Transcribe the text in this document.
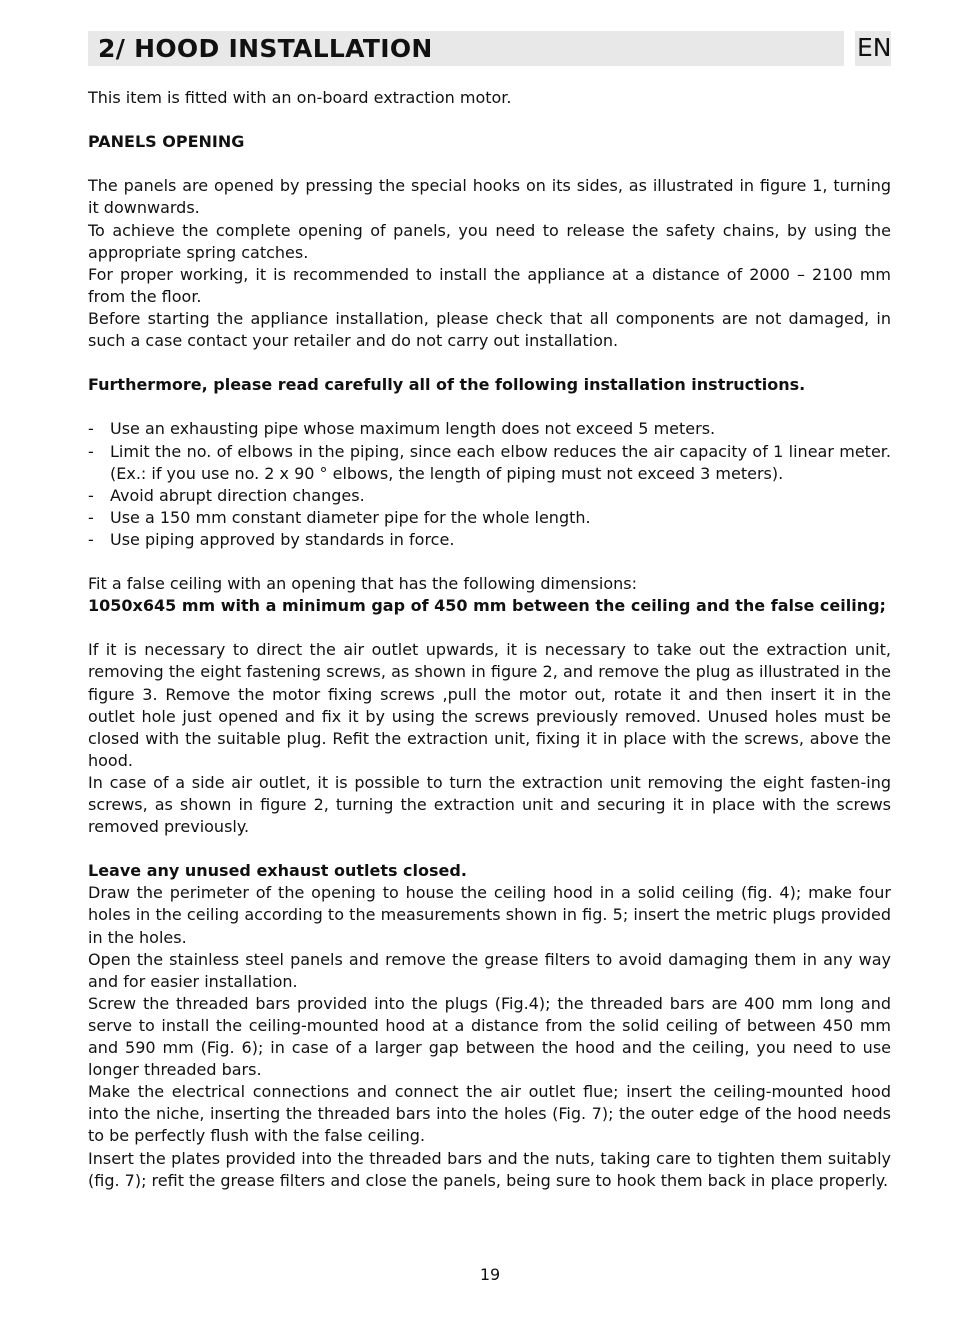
2/ HOOD INSTALLATION	EN

This item is fitted with an on-board extraction motor.

PANELS OPENING

The panels are opened by pressing the special hooks on its sides, as illustrated in figure 1, turning it downwards.

To achieve the complete opening of panels, you need to release the safety chains, by using the appropriate spring catches.

For proper working, it is recommended to install the appliance at a distance of 2000 – 2100 mm from the floor.

Before starting the appliance installation, please check that all components are not damaged, in such a case contact your retailer and do not carry out installation.

Furthermore, please read carefully all of the following installation instructions.

- Use an exhausting pipe whose maximum length does not exceed 5 meters.
- Limit the no. of elbows in the piping, since each elbow reduces the air capacity of 1 linear meter. (Ex.: if you use no. 2 x 90 ° elbows, the length of piping must not exceed 3 meters).
- Avoid abrupt direction changes.
- Use a 150 mm constant diameter pipe for the whole length.
- Use piping approved by standards in force.

Fit a false ceiling with an opening that has the following dimensions:

1050x645 mm with a minimum gap of 450 mm between the ceiling and the false ceiling;

If it is necessary to direct the air outlet upwards, it is necessary to take out the extraction unit, removing the eight fastening screws, as shown in figure 2, and remove the plug as illustrated in the figure 3. Remove the motor fixing screws ,pull the motor out, rotate it and then insert it in the outlet hole just opened and fix it by using the screws previously removed. Unused holes must be closed with the suitable plug. Refit the extraction unit, fixing it in place with the screws, above the hood.

In case of a side air outlet, it is possible to turn the extraction unit removing the eight fasten-ing screws, as shown in figure 2, turning the extraction unit and securing it in place with the screws removed previously.

Leave any unused exhaust outlets closed.

Draw the perimeter of the opening to house the ceiling hood in a solid ceiling (fig. 4); make four holes in the ceiling according to the measurements shown in fig. 5; insert the metric plugs provided in the holes.

Open the stainless steel panels and remove the grease filters to avoid damaging them in any way and for easier installation.

Screw the threaded bars provided into the plugs (Fig.4); the threaded bars are 400 mm long and serve to install the ceiling-mounted hood at a distance from the solid ceiling of between 450 mm and 590 mm (Fig. 6); in case of a larger gap between the hood and the ceiling, you need to use longer threaded bars.

Make the electrical connections and connect the air outlet flue; insert the ceiling-mounted hood into the niche, inserting the threaded bars into the holes (Fig. 7); the outer edge of the hood needs to be perfectly flush with the false ceiling.

Insert the plates provided into the threaded bars and the nuts, taking care to tighten them suitably (fig. 7); refit the grease filters and close the panels, being sure to hook them back in place properly.

19
